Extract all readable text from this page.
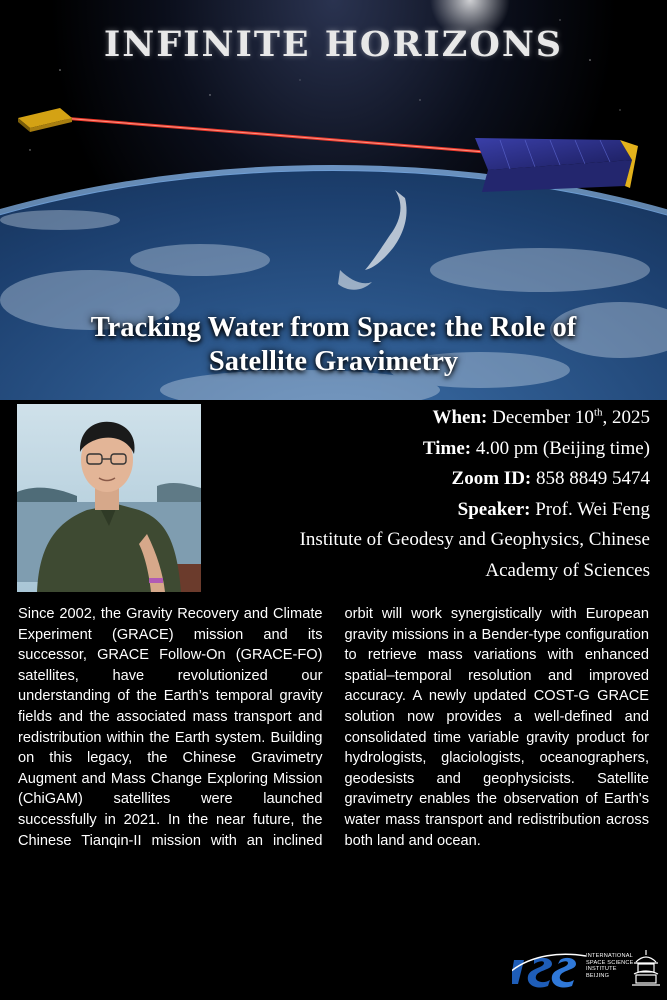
INFINITE HORIZONS
Tracking Water from Space: the Role of
Satellite Gravimetry
When: December 10th, 2025
Time: 4.00 pm (Beijing time)
Zoom ID: 858 8849 5474
Speaker: Prof. Wei Feng
Institute of Geodesy and Geophysics, Chinese
Academy of Sciences

Since 2002, the Gravity Recovery and Climate Experiment (GRACE) mission and its successor, GRACE Follow-On (GRACE-FO) satellites, have revolutionized our understanding of the Earth’s temporal gravity fields and the associated mass transport and redistribution within the Earth system. Building on this legacy, the Chinese Gravimetry Augment and Mass Change Exploring Mission (ChiGAM) satellites were launched successfully in 2021. In the near future, the Chinese Tianqin-II mission with an inclined orbit will work synergistically with European gravity missions in a Bender-type configuration to retrieve mass variations with enhanced spatial–temporal resolution and improved accuracy. A newly updated COST-G GRACE solution now provides a well-defined and consolidated time variable gravity product for hydrologists, glaciologists, oceanographers, geodesists and geophysicists. Satellite gravimetry enables the observation of Earth's water mass transport and redistribution across both land and ocean.

INTERNATIONAL
SPACE SCIENCE
INSTITUTE
BEIJING
